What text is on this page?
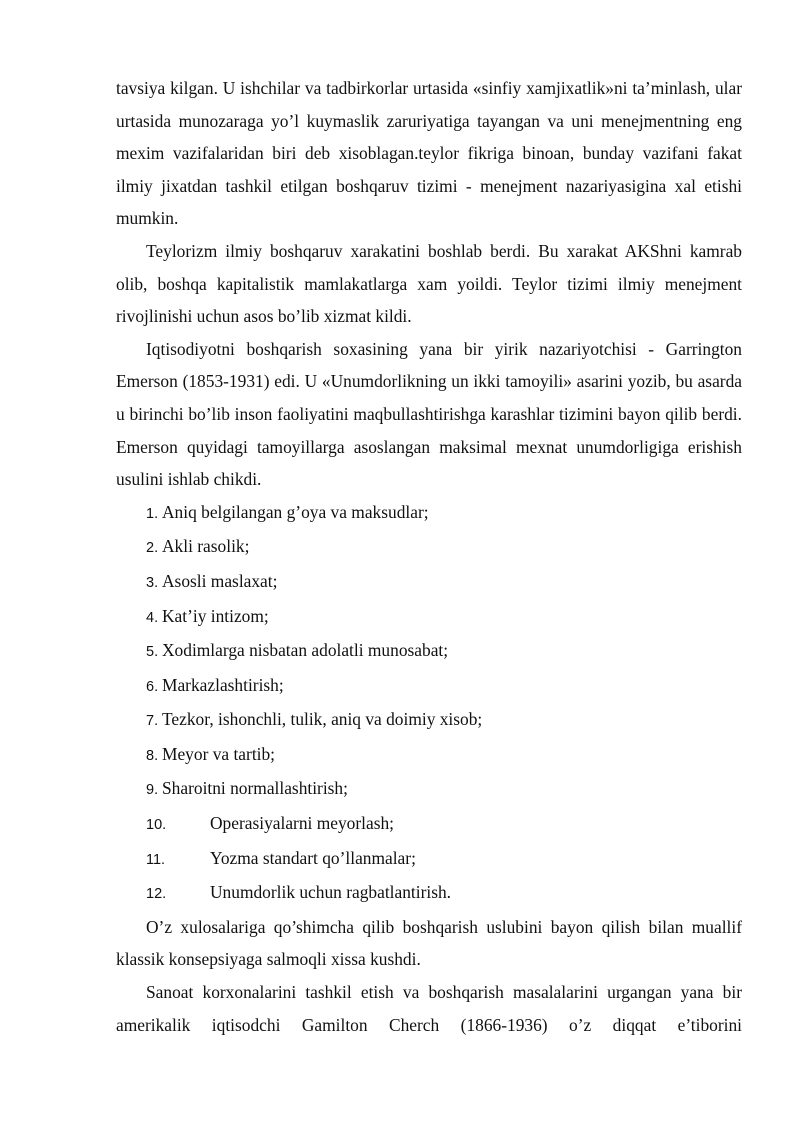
tavsiya kilgan. U ishchilar va tadbirkorlar urtasida «sinfiy xamjixatlik»ni ta’minlash, ular urtasida munozaraga yo’l kuymaslik zaruriyatiga tayangan va uni menejmentning eng mexim vazifalaridan biri deb xisoblagan.teylor fikriga binoan, bunday vazifani fakat ilmiy jixatdan tashkil etilgan boshqaruv tizimi - menejment nazariyasigina xal etishi mumkin.

Teylorizm ilmiy boshqaruv xarakatini boshlab berdi. Bu xarakat AKShni kamrab olib, boshqa kapitalistik mamlakatlarga xam yoildi. Teylor tizimi ilmiy menejment rivojlinishi uchun asos bo’lib xizmat kildi.

Iqtisodiyotni boshqarish soxasining yana bir yirik nazariyotchisi - Garrington Emerson (1853-1931) edi. U «Unumdorlikning un ikki tamoyili» asarini yozib, bu asarda u birinchi bo’lib inson faoliyatini maqbullashtirishga karashlar tizimini bayon qilib berdi. Emerson quyidagi tamoyillarga asoslangan maksimal mexnat unumdorligiga erishish usulini ishlab chikdi.

1. Aniq belgilangan g’oya va maksudlar;
2. Akli rasolik;
3. Asosli maslaxat;
4. Kat’iy intizom;
5. Xodimlarga nisbatan adolatli munosabat;
6. Markazlashtirish;
7. Tezkor, ishonchli, tulik, aniq va doimiy xisob;
8. Meyor va tartib;
9. Sharoitni normallashtirish;
10.	Operasiyalarni meyorlash;
11.	Yozma standart qo’llanmalar;
12.	Unumdorlik uchun ragbatlantirish.

O’z xulosalariga qo’shimcha qilib boshqarish uslubini bayon qilish bilan muallif klassik konsepsiyaga salmoqli xissa kushdi.

Sanoat korxonalarini tashkil etish va boshqarish masalalarini urgangan yana bir amerikalik iqtisodchi Gamilton Cherch (1866-1936) o’z diqqat e’tiborini
